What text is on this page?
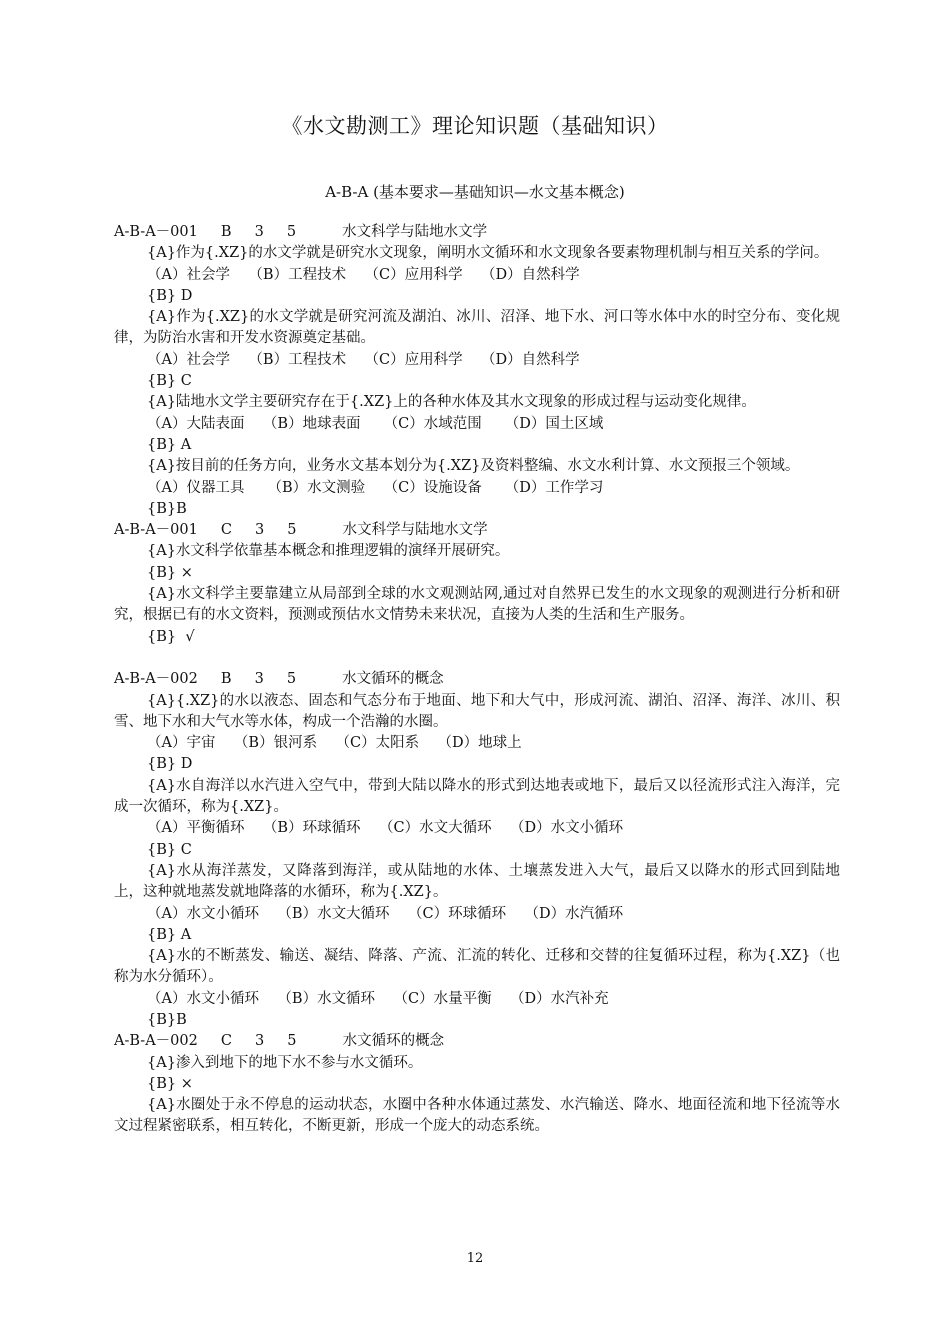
《水文勘测工》理论知识题（基础知识）
A-B-A (基本要求—基础知识—水文基本概念)
A-B-A－001     B     3     5          水文科学与陆地水文学
{A}作为{.XZ}的水文学就是研究水文现象，阐明水文循环和水文现象各要素物理机制与相互关系的学问。
（A）社会学    （B）工程技术    （C）应用科学    （D）自然科学
{B} D
{A}作为{.XZ}的水文学就是研究河流及湖泊、冰川、沼泽、地下水、河口等水体中水的时空分布、变化规律，为防治水害和开发水资源奠定基础。
（A）社会学    （B）工程技术    （C）应用科学    （D）自然科学
{B} C
{A}陆地水文学主要研究存在于{.XZ}上的各种水体及其水文现象的形成过程与运动变化规律。
（A）大陆表面    （B）地球表面     （C）水域范围     （D）国土区域
{B} A
{A}按目前的任务方向，业务水文基本划分为{.XZ}及资料整编、水文水利计算、水文预报三个领域。
（A）仪器工具     （B）水文测验    （C）设施设备     （D）工作学习
{B}B
A-B-A－001     C     3     5          水文科学与陆地水文学
{A}水文科学依靠基本概念和推理逻辑的演绎开展研究。
{B} ×
{A}水文科学主要靠建立从局部到全球的水文观测站网,通过对自然界已发生的水文现象的观测进行分析和研究，根据已有的水文资料，预测或预估水文情势未来状况，直接为人类的生活和生产服务。
{B}  √
A-B-A－002     B     3     5          水文循环的概念
{A}{.XZ}的水以液态、固态和气态分布于地面、地下和大气中，形成河流、湖泊、沼泽、海洋、冰川、积雪、地下水和大气水等水体，构成一个浩瀚的水圈。
（A）宇宙    （B）银河系    （C）太阳系    （D）地球上
{B} D
{A}水自海洋以水汽进入空气中，带到大陆以降水的形式到达地表或地下，最后又以径流形式注入海洋，完成一次循环，称为{.XZ}。
（A）平衡循环    （B）环球循环    （C）水文大循环    （D）水文小循环
{B} C
{A}水从海洋蒸发，又降落到海洋，或从陆地的水体、土壤蒸发进入大气，最后又以降水的形式回到陆地上，这种就地蒸发就地降落的水循环，称为{.XZ}。
（A）水文小循环    （B）水文大循环    （C）环球循环    （D）水汽循环
{B} A
{A}水的不断蒸发、输送、凝结、降落、产流、汇流的转化、迁移和交替的往复循环过程，称为{.XZ}（也称为水分循环）。
（A）水文小循环    （B）水文循环    （C）水量平衡    （D）水汽补充
{B}B
A-B-A－002     C     3     5          水文循环的概念
{A}渗入到地下的地下水不参与水文循环。
{B} ×
{A}水圈处于永不停息的运动状态，水圈中各种水体通过蒸发、水汽输送、降水、地面径流和地下径流等水文过程紧密联系，相互转化，不断更新，形成一个庞大的动态系统。
12
